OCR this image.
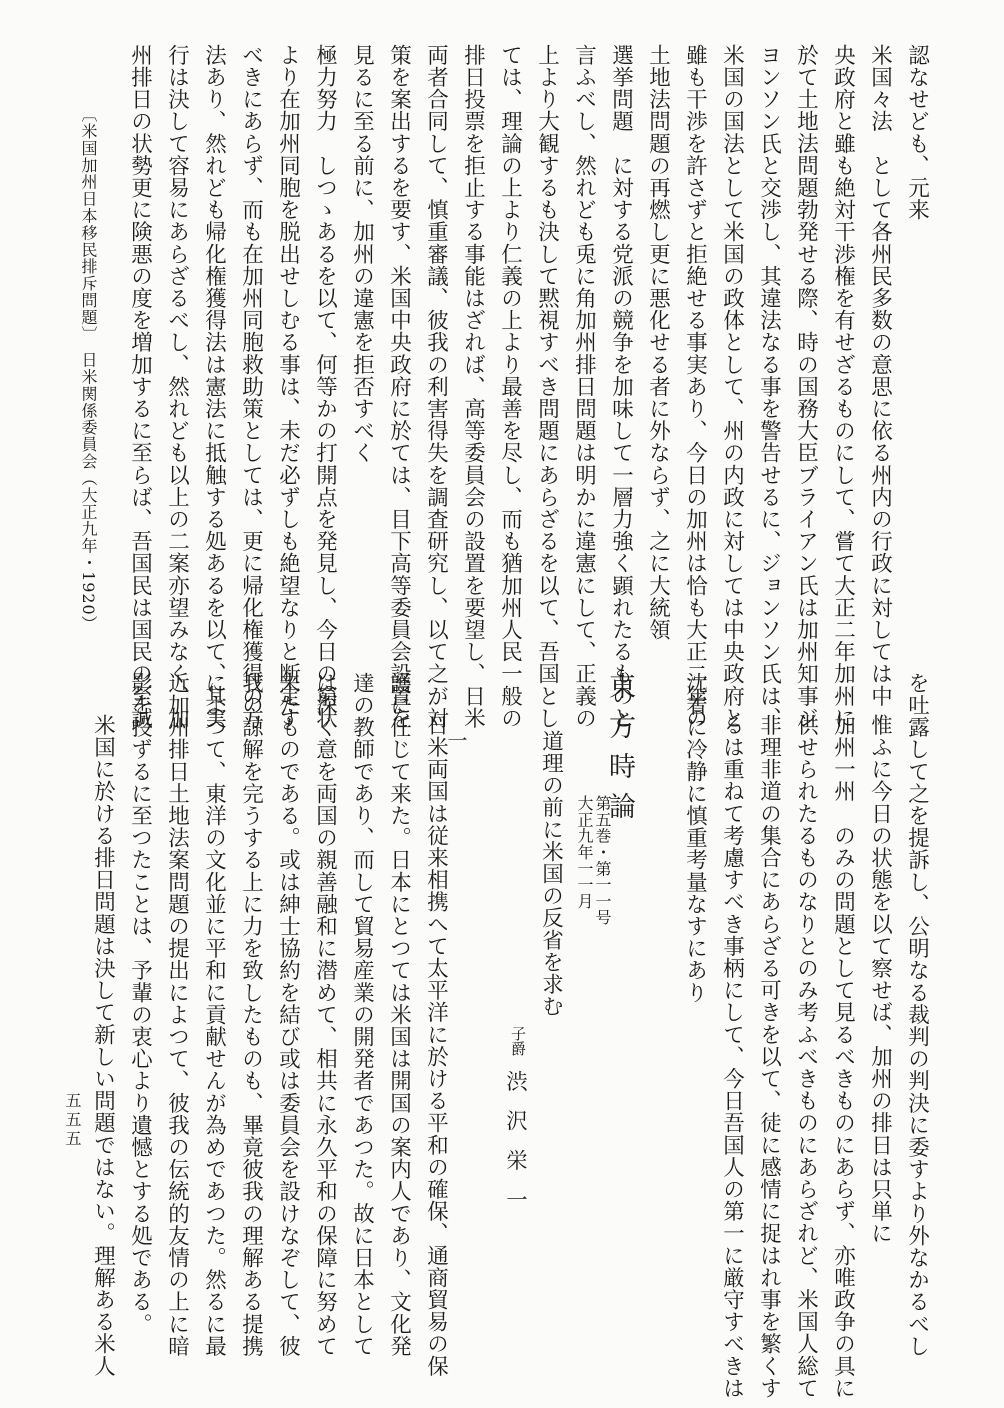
認なせども、元来
米国々法　として各州民多数の意思に依る州内の行政に対しては中
央政府と雖も絶対干渉権を有せざるものにして、嘗て大正二年加州に
於て土地法問題勃発せる際、時の国務大臣ブライアン氏は加州知事ジ
ヨンソン氏と交渉し、其違法なる事を警告せるに、ジョンソン氏は、
米国の国法として米国の政体として、州の内政に対しては中央政府と
雖も干渉を許さずと拒絶せる事実あり、今日の加州は恰も大正二年の
土地法問題の再燃し更に悪化せる者に外ならず、之に大統領
選挙問題　に対する党派の競争を加味して一層力強く顕れたるものと
言ふべし、然れども兎に角加州排日問題は明かに違憲にして、正義の
上より大観するも決して黙視すべき問題にあらざるを以て、吾国とし
ては、理論の上より仁義の上より最善を尽し、而も猶加州人民一般の
排日投票を拒止する事能はざれば、高等委員会の設置を要望し、日米
両者合同して、慎重審議、彼我の利害得失を調査研究し、以て之が対
策を案出するを要す、米国中央政府に於ては、目下高等委員会設置を
見るに至る前に、加州の違憲を拒否すべく
極力努力　しつゝあるを以て、何等かの打開点を発見し、今日の窮状
より在加州同胞を脱出せしむる事は、未だ必ずしも絶望なりと断定す
べきにあらず、而も在加州同胞救助策としては、更に帰化権獲得の方
法あり、然れども帰化権獲得法は憲法に抵触する処あるを以て、其実
行は決して容易にあらざるべし、然れども以上の二案亦望みなく、加
州排日の状勢更に険悪の度を増加するに至らば、吾国民は国民の至誠
〔米国加州日本移民排斥問題〕　日米関係委員会（大正九年・1920）
を吐露して之を提訴し、公明なる裁判の判決に委すより外なかるべし
惟ふに今日の状態を以て察せば、加州の排日は只単に
加州一州　のみの問題として見るべきものにあらず、亦唯政争の具に
供せられたるものなりとのみ考ふべきものにあらざれど、米国人総て
非理非道の集合にあらざる可きを以て、徒に感情に捉はれ事を繁くす
るは重ねて考慮すべき事柄にして、今日吾国人の第一に厳守すべきは
沈着に冷静に慎重考量なすにあり
東方時論
第五巻・第一一号
大正九年一一月
道理の前に米国の反省を求む
子爵
渋沢栄一
一
日米両国は従来相携へて太平洋に於ける平和の確保、通商貿易の保
護に任じて来た。日本にとつては米国は開国の案内人であり、文化発
達の教師であり、而して貿易産業の開発者であつた。故に日本として
は深く意を両国の親善融和に潜めて、相共に永久平和の保障に努めて
来たものである。或は紳士協約を結び或は委員会を設けなぞして、彼
我の諒解を完うする上に力を致したものも、畢竟彼我の理解ある提携
によつて、東洋の文化並に平和に貢献せんが為めであつた。然るに最
近加州排日土地法案問題の提出によつて、彼我の伝統的友情の上に暗
影を投ずるに至つたことは、予輩の衷心より遺憾とする処である。
米国に於ける排日問題は決して新しい問題ではない。理解ある米人
五五五
